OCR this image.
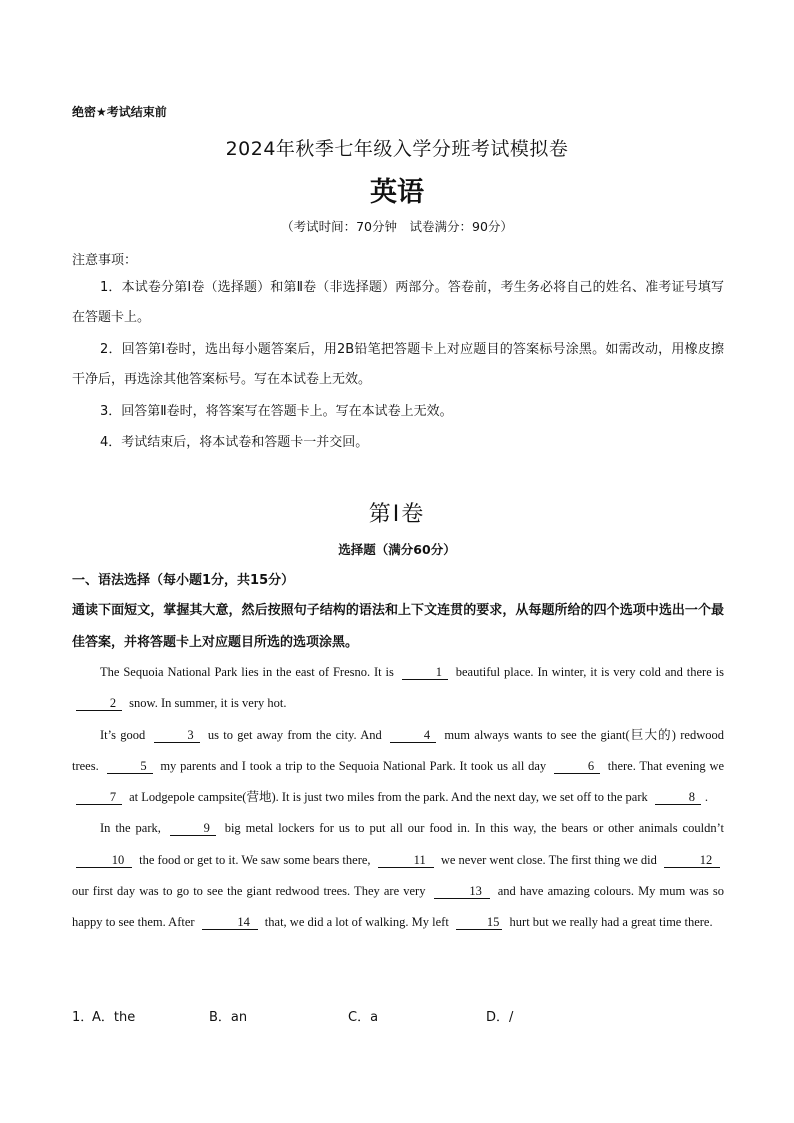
绝密★考试结束前
2024年秋季七年级入学分班考试模拟卷
英语
（考试时间：70分钟　试卷满分：90分）
注意事项：
1．本试卷分第Ⅰ卷（选择题）和第Ⅱ卷（非选择题）两部分。答卷前，考生务必将自己的姓名、准考证号填写在答题卡上。
2．回答第Ⅰ卷时，选出每小题答案后，用2B铅笔把答题卡上对应题目的答案标号涂黑。如需改动，用橡皮擦干净后，再选涂其他答案标号。写在本试卷上无效。
3．回答第Ⅱ卷时，将答案写在答题卡上。写在本试卷上无效。
4．考试结束后，将本试卷和答题卡一并交回。
第Ⅰ卷
选择题（满分60分）
一、语法选择（每小题1分，共15分）
通读下面短文，掌握其大意，然后按照句子结构的语法和上下文连贯的要求，从每题所给的四个选项中选出一个最佳答案，并将答题卡上对应题目所选的选项涂黑。

The Sequoia National Park lies in the east of Fresno. It is	1 beautiful place. In winter, it is very cold and there is 2 snow. In summer, it is very hot.

It’s good	3 us to get away from the city. And	4 mum always wants to see the giant(巨大的) redwood trees.	5 my parents and I took a trip to the Sequoia National Park. It took us all day	6 there. That evening we 7 at Lodgepole campsite(营地). It is just two miles from the park. And the next day, we set off to the park	8 .

In the park,	9 big metal lockers for us to put all our food in. In this way, the bears or other animals couldn’t 10 the food or get to it. We saw some bears there,	11 we never went close. The first thing we did	12 our first day was to go to see the giant redwood trees. They are very	13 and have amazing colours. My mum was so happy to see them. After	14 that, we did a lot of walking. My left	15 hurt but we really had a great time there.

1．
A．the	B．an	C．a	D．/
